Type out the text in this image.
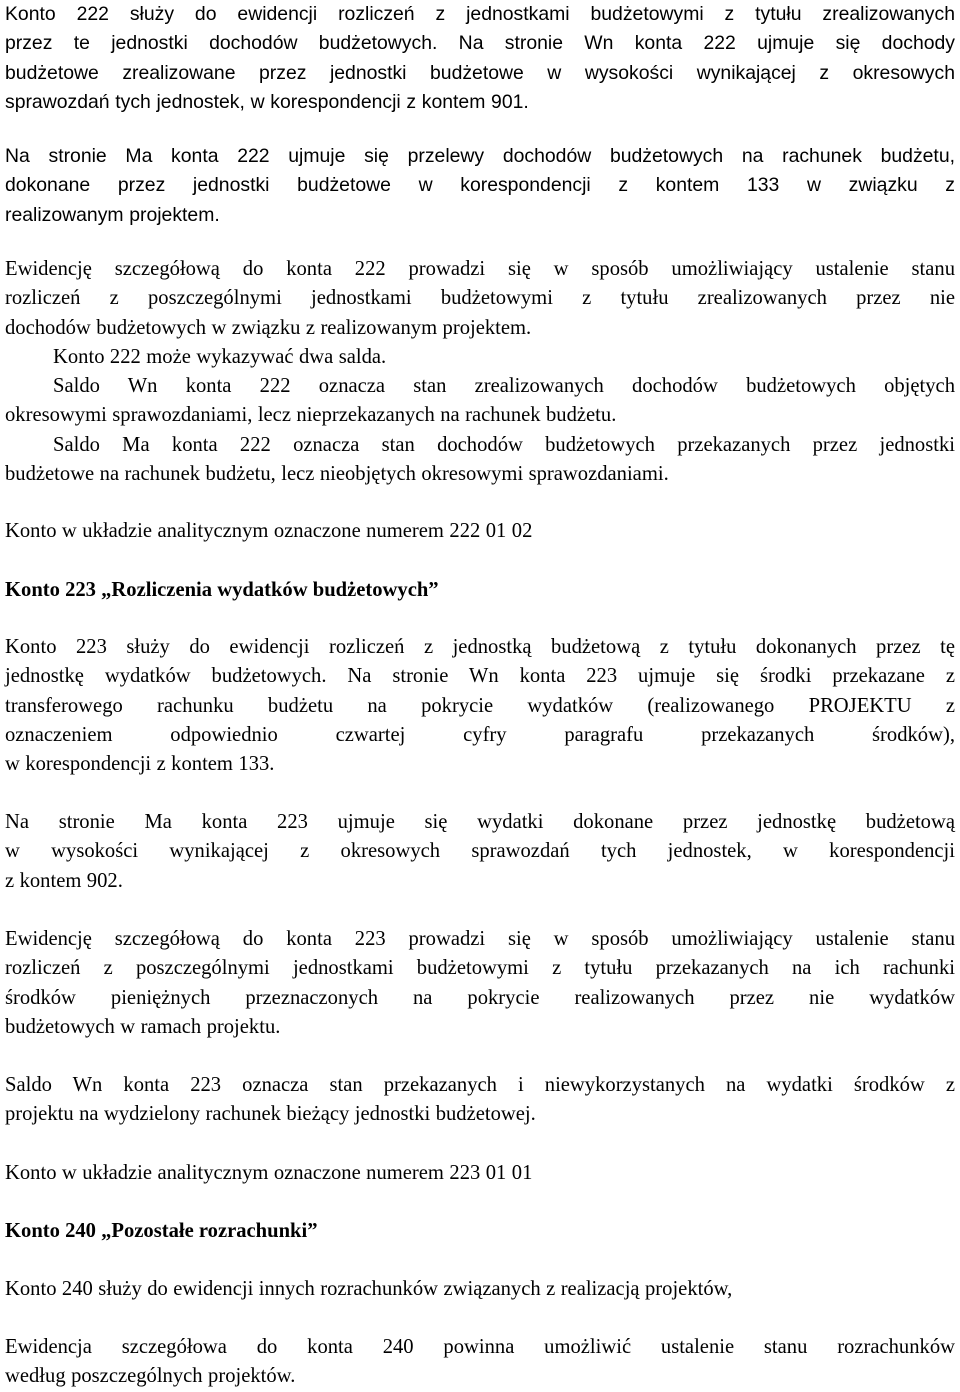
Konto 222 służy do ewidencji rozliczeń z jednostkami budżetowymi z tytułu zrealizowanych
przez te jednostki dochodów budżetowych. Na stronie Wn konta 222 ujmuje się dochody
budżetowe zrealizowane przez jednostki budżetowe w wysokości wynikającej z okresowych
sprawozdań tych jednostek, w korespondencji z kontem 901.
Na stronie Ma konta 222 ujmuje się przelewy dochodów budżetowych na rachunek budżetu,
dokonane przez jednostki budżetowe w korespondencji z kontem 133 w związku z
realizowanym projektem.
Ewidencję szczegółową do konta 222 prowadzi się w sposób umożliwiający ustalenie stanu
rozliczeń z poszczególnymi jednostkami budżetowymi z tytułu zrealizowanych przez nie
dochodów budżetowych w związku z realizowanym projektem.
Konto 222 może wykazywać dwa salda.
Saldo Wn konta 222 oznacza stan zrealizowanych dochodów budżetowych objętych
okresowymi sprawozdaniami, lecz nieprzekazanych na rachunek budżetu.
Saldo Ma konta 222 oznacza stan dochodów budżetowych przekazanych przez jednostki
budżetowe na rachunek budżetu, lecz nieobjętych okresowymi sprawozdaniami.
Konto w układzie analitycznym oznaczone numerem 222 01 02
Konto 223 „Rozliczenia wydatków budżetowych”
Konto 223 służy do ewidencji rozliczeń z jednostką budżetową z tytułu dokonanych przez tę
jednostkę wydatków budżetowych. Na stronie Wn konta 223 ujmuje się środki przekazane z
transferowego rachunku budżetu na pokrycie wydatków (realizowanego PROJEKTU z
oznaczeniem odpowiednio czwartej cyfry paragrafu przekazanych środków),
w korespondencji z kontem 133.
Na stronie Ma konta 223 ujmuje się wydatki dokonane przez jednostkę budżetową
w wysokości wynikającej z okresowych sprawozdań tych jednostek, w korespondencji
z kontem 902.
Ewidencję szczegółową do konta 223 prowadzi się w sposób umożliwiający ustalenie stanu
rozliczeń z poszczególnymi jednostkami budżetowymi z tytułu przekazanych na ich rachunki
środków pieniężnych przeznaczonych na pokrycie realizowanych przez nie wydatków
budżetowych w ramach projektu.
Saldo Wn konta 223 oznacza stan przekazanych i niewykorzystanych na wydatki środków z
projektu na wydzielony rachunek bieżący jednostki budżetowej.
Konto w układzie analitycznym oznaczone numerem 223 01 01
Konto 240 „Pozostałe rozrachunki”
Konto 240 służy do ewidencji innych rozrachunków związanych z realizacją projektów,
Ewidencja szczegółowa do konta 240 powinna umożliwić ustalenie stanu rozrachunków
według poszczególnych projektów.
